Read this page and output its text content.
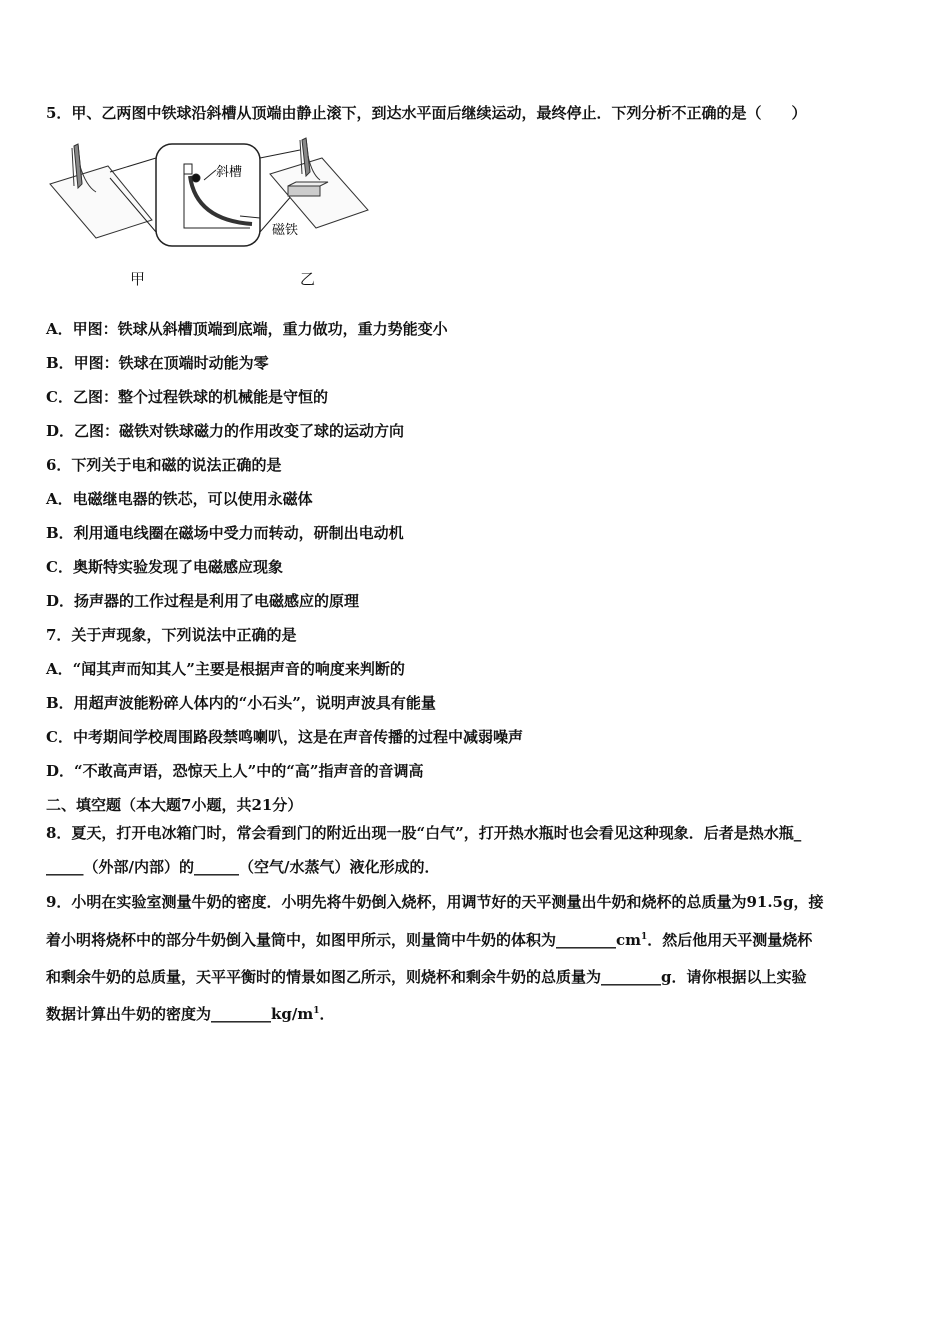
5．甲、乙两图中铁球沿斜槽从顶端由静止滚下，到达水平面后继续运动，最终停止．下列分析不正确的是（　　）
斜槽
磁铁
甲	乙
A．甲图：铁球从斜槽顶端到底端，重力做功，重力势能变小
B．甲图：铁球在顶端时动能为零
C．乙图：整个过程铁球的机械能是守恒的
D．乙图：磁铁对铁球磁力的作用改变了球的运动方向
6．下列关于电和磁的说法正确的是
A．电磁继电器的铁芯，可以使用永磁体
B．利用通电线圈在磁场中受力而转动，研制出电动机
C．奥斯特实验发现了电磁感应现象
D．扬声器的工作过程是利用了电磁感应的原理
7．关于声现象，下列说法中正确的是
A．“闻其声而知其人”主要是根据声音的响度来判断的
B．用超声波能粉碎人体内的“小石头”，说明声波具有能量
C．中考期间学校周围路段禁鸣喇叭，这是在声音传播的过程中减弱噪声
D．“不敢高声语，恐惊天上人”中的“高”指声音的音调高
二、填空题（本大题7小题，共21分）
8．夏天，打开电冰箱门时，常会看到门的附近出现一股“白气”，打开热水瓶时也会看见这种现象．后者是热水瓶_
_____（外部/内部）的______（空气/水蒸气）液化形成的．
9．小明在实验室测量牛奶的密度．小明先将牛奶倒入烧杯，用调节好的天平测量出牛奶和烧杯的总质量为91.5g，接
着小明将烧杯中的部分牛奶倒入量筒中，如图甲所示，则量筒中牛奶的体积为$\_\_\_\_\_\_\_\_cm^1$．然后他用天平测量烧杯
和剩余牛奶的总质量，天平平衡时的情景如图乙所示，则烧杯和剩余牛奶的总质量为________g．请你根据以上实验
数据计算出牛奶的密度为$\_\_\_\_\_\_\_\_kg/m^1$．
